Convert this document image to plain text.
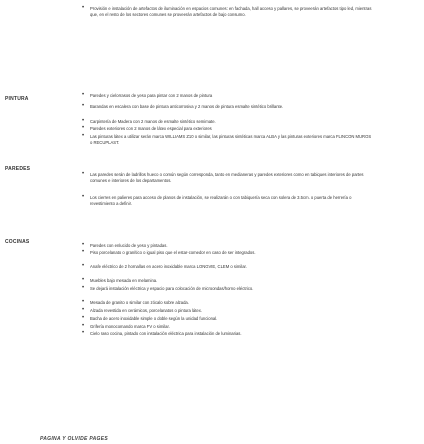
• Provisión e instalación de artefactos de iluminación en espacios comunes: en fachada, hall acceso y pallares, se proveerán artefactos tipo led, mientras que, en el resto de los sectores comunes se proveerán artefactos de bajo consumo.
PINTURA
• Paredes y cielorrasos de yeso para pintar con 2 manos de pintura
• Barandas en escalera con base de pintura anticorrosiva y 2 manos de pintura esmalte sintético brillante.
• Carpintería de Madera con 2 manos de esmalte sintético semimate.
• Paredes exteriores con 2 manos de látex especial para exteriores
• Las pinturas látex a utilizar serán marca WILLIAMS Z10 o similar, las pinturas sintéticas marca ALBA y las pinturas exteriores marca FLINCON MUROS o RECUPLAST.
PAREDES
• Las paredes serán de ladrillos hueco o común según corresponda, tanto en medianeras y paredes exteriores como en tabiques interiores de partes comunes e interiores de los departamentos.
• Los cierres en palieres para acceso de planos de instalación, se realizarán o con tabiquería seca con solera de 3.5cm. o puerta de herrería o revestimiento a definir.
COCINAS	• Paredes con enlucido de yeso y pintadas.
• Piso porcelanato o granítico o igual piso que el estar-comedor en caso de ser integrados.
• Anafe eléctrico de 2 hornallas en acero inoxidable marca LONGVIE, CLEM o similar.
• Muebles bajo mesada en melamina.
• Se dejará instalación eléctrica y espacio para colocación de microondas/horno eléctrico.
• Mesada de granito o similar con zócalo sobre alzada.
• Alzada revestida en cerámicos, porcelanatos o pintura látex.
• Bacha de acero inoxidable simple o doble según la unidad funcional.
• Grifería monocomando marca FV o similar.
• Cielo raso cocina, pintado con instalación eléctrica para instalación de luminarias.
PAGINA Y OLVIDE PAGES
